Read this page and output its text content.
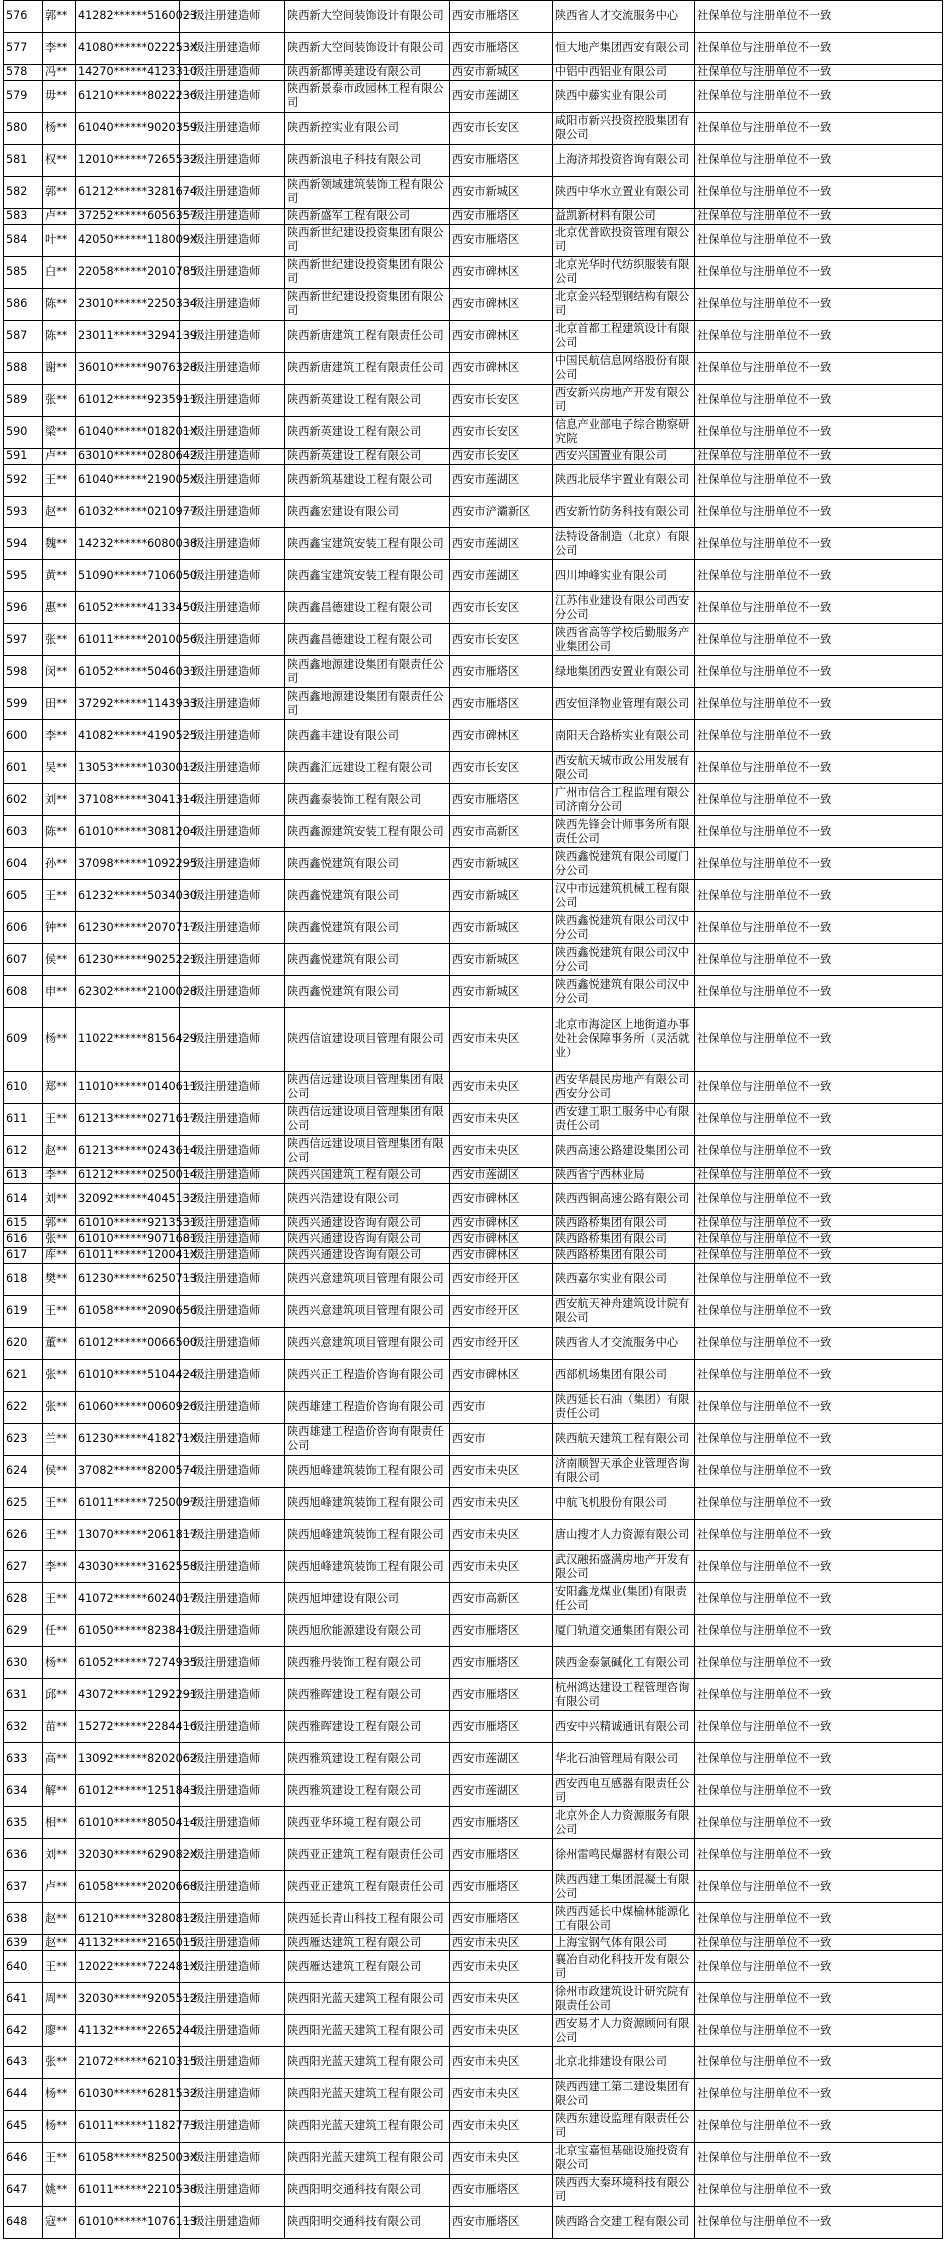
576	郭**	41282******5160023	一级注册建造师	陕西新大空间装饰设计有限公司	西安市雁塔区	陕西省人才交流服务中心	社保单位与注册单位不一致
577	李**	41080******022253X	一级注册建造师	陕西新大空间装饰设计有限公司	西安市雁塔区	恒大地产集团西安有限公司	社保单位与注册单位不一致
578	冯**	14270******4123310	一级注册建造师	陕西新都博美建设有限公司	西安市新城区	中铝中西铝业有限公司	社保单位与注册单位不一致
579	毋**	61210******8022236	一级注册建造师	陕西新景泰市政园林工程有限公司	西安市莲湖区	陕西中藤实业有限公司	社保单位与注册单位不一致
580	杨**	61040******9020359	一级注册建造师	陕西新控实业有限公司	西安市长安区	咸阳市新兴投资控股集团有限公司	社保单位与注册单位不一致
581	权**	12010******7265532	一级注册建造师	陕西新浪电子科技有限公司	西安市雁塔区	上海济邦投资咨询有限公司	社保单位与注册单位不一致
582	郭**	61212******3281674	一级注册建造师	陕西新领域建筑装饰工程有限公司	西安市新城区	陕西中华水立置业有限公司	社保单位与注册单位不一致
583	卢**	37252******6056357	一级注册建造师	陕西新盛军工程有限公司	西安市雁塔区	益凯新材料有限公司	社保单位与注册单位不一致
584	叶**	42050******118009X	一级注册建造师	陕西新世纪建设投资集团有限公司	西安市雁塔区	北京优普欧投资管理有限公司	社保单位与注册单位不一致
585	白**	22058******2010785	一级注册建造师	陕西新世纪建设投资集团有限公司	西安市碑林区	北京光华时代纺织服装有限公司	社保单位与注册单位不一致
586	陈**	23010******2250334	一级注册建造师	陕西新世纪建设投资集团有限公司	西安市碑林区	北京金兴轻型钢结构有限公司	社保单位与注册单位不一致
587	陈**	23011******3294139	一级注册建造师	陕西新唐建筑工程有限责任公司	西安市碑林区	北京首都工程建筑设计有限公司	社保单位与注册单位不一致
588	谢**	36010******9076328	一级注册建造师	陕西新唐建筑工程有限责任公司	西安市碑林区	中国民航信息网络股份有限公司	社保单位与注册单位不一致
589	张**	61012******9235911	一级注册建造师	陕西新英建设工程有限公司	西安市长安区	西安新兴房地产开发有限公司	社保单位与注册单位不一致
590	梁**	61040******018201X	一级注册建造师	陕西新英建设工程有限公司	西安市长安区	信息产业部电子综合勘察研究院	社保单位与注册单位不一致
591	卢**	63010******0280642	一级注册建造师	陕西新英建设工程有限公司	西安市长安区	西安兴国置业有限公司	社保单位与注册单位不一致
592	王**	61040******219005X	一级注册建造师	陕西新筑基建设工程有限公司	西安市莲湖区	陕西北辰华宇置业有限公司	社保单位与注册单位不一致
593	赵**	61032******0210977	一级注册建造师	陕西鑫宏建设有限公司	西安市浐灞新区	西安新竹防务科技有限公司	社保单位与注册单位不一致
594	魏**	14232******6080038	一级注册建造师	陕西鑫宝建筑安装工程有限公司	西安市莲湖区	法特设备制造（北京）有限公司	社保单位与注册单位不一致
595	黄**	51090******7106050	一级注册建造师	陕西鑫宝建筑安装工程有限公司	西安市莲湖区	四川坤峰实业有限公司	社保单位与注册单位不一致
596	惠**	61052******4133450	一级注册建造师	陕西鑫昌德建设工程有限公司	西安市长安区	江苏伟业建设有限公司西安分公司	社保单位与注册单位不一致
597	张**	61011******2010056	一级注册建造师	陕西鑫昌德建设工程有限公司	西安市长安区	陕西省高等学校后勤服务产业集团公司	社保单位与注册单位不一致
598	闵**	61052******5046031	一级注册建造师	陕西鑫地源建设集团有限责任公司	西安市雁塔区	绿地集团西安置业有限公司	社保单位与注册单位不一致
599	田**	37292******1143933	一级注册建造师	陕西鑫地源建设集团有限责任公司	西安市雁塔区	西安恒泽物业管理有限公司	社保单位与注册单位不一致
600	李**	41082******4190525	一级注册建造师	陕西鑫丰建设有限公司	西安市碑林区	南阳天合路桥实业有限公司	社保单位与注册单位不一致
601	吴**	13053******1030012	一级注册建造师	陕西鑫汇远建设工程有限公司	西安市长安区	西安航天城市政公用发展有限公司	社保单位与注册单位不一致
602	刘**	37108******3041314	一级注册建造师	陕西鑫泰装饰工程有限公司	西安市雁塔区	广州市信合工程监理有限公司济南分公司	社保单位与注册单位不一致
603	陈**	61010******3081204	一级注册建造师	陕西鑫源建筑安装工程有限公司	西安市高新区	陕西先锋会计师事务所有限责任公司	社保单位与注册单位不一致
604	孙**	37098******1092295	一级注册建造师	陕西鑫悦建筑有限公司	西安市新城区	陕西鑫悦建筑有限公司厦门分公司	社保单位与注册单位不一致
605	王**	61232******5034030	一级注册建造师	陕西鑫悦建筑有限公司	西安市新城区	汉中市远建筑机械工程有限公司	社保单位与注册单位不一致
606	钟**	61230******2070717	一级注册建造师	陕西鑫悦建筑有限公司	西安市新城区	陕西鑫悦建筑有限公司汉中分公司	社保单位与注册单位不一致
607	侯**	61230******9025221	一级注册建造师	陕西鑫悦建筑有限公司	西安市新城区	陕西鑫悦建筑有限公司汉中分公司	社保单位与注册单位不一致
608	申**	62302******2100028	一级注册建造师	陕西鑫悦建筑有限公司	西安市新城区	陕西鑫悦建筑有限公司汉中分公司	社保单位与注册单位不一致
609	杨**	11022******8156429	一级注册建造师	陕西信谊建设项目管理有限公司	西安市未央区	北京市海淀区上地街道办事处社会保障事务所（灵活就业）	社保单位与注册单位不一致
610	郑**	11010******0140611	一级注册建造师	陕西信远建设项目管理集团有限公司	西安市未央区	西安华晨民房地产有限公司西安分公司	社保单位与注册单位不一致
611	王**	61213******0271617	一级注册建造师	陕西信远建设项目管理集团有限公司	西安市未央区	西安建工职工服务中心有限责任公司	社保单位与注册单位不一致
612	赵**	61213******0243614	一级注册建造师	陕西信远建设项目管理集团有限公司	西安市未央区	陕西高速公路建设集团公司	社保单位与注册单位不一致
613	李**	61212******0250014	一级注册建造师	陕西兴国建筑工程有限公司	西安市莲湖区	陕西省宁西林业局	社保单位与注册单位不一致
614	刘**	32092******4045132	一级注册建造师	陕西兴浩建设有限公司	西安市碑林区	陕西西铜高速公路有限公司	社保单位与注册单位不一致
615	郭**	61010******9213531	一级注册建造师	陕西兴通建设咨询有限公司	西安市碑林区	陕西路桥集团有限公司	社保单位与注册单位不一致
616	张**	61010******9071681	一级注册建造师	陕西兴通建设咨询有限公司	西安市碑林区	陕西路桥集团有限公司	社保单位与注册单位不一致
617	库**	61011******120041X	一级注册建造师	陕西兴通建设咨询有限公司	西安市碑林区	陕西路桥集团有限公司	社保单位与注册单位不一致
618	樊**	61230******6250713	一级注册建造师	陕西兴意建筑项目管理有限公司	西安市经开区	陕西嘉尔实业有限公司	社保单位与注册单位不一致
619	王**	61058******2090656	一级注册建造师	陕西兴意建筑项目管理有限公司	西安市经开区	西安航天神舟建筑设计院有限公司	社保单位与注册单位不一致
620	董**	61012******0066500	一级注册建造师	陕西兴意建筑项目管理有限公司	西安市经开区	陕西省人才交流服务中心	社保单位与注册单位不一致
621	张**	61010******5104424	一级注册建造师	陕西兴正工程造价咨询有限公司	西安市碑林区	西部机场集团有限公司	社保单位与注册单位不一致
622	张**	61060******0060926	一级注册建造师	陕西雄建工程造价咨询有限公司	西安市	陕西延长石油（集团）有限责任公司	社保单位与注册单位不一致
623	兰**	61230******418271X	一级注册建造师	陕西雄建工程造价咨询有限责任公司	西安市	陕西航天建筑工程有限公司	社保单位与注册单位不一致
624	侯**	37082******8200574	一级注册建造师	陕西旭峰建筑装饰工程有限公司	西安市未央区	济南顺智天承企业管理咨询有限公司	社保单位与注册单位不一致
625	王**	61011******7250097	一级注册建造师	陕西旭峰建筑装饰工程有限公司	西安市未央区	中航飞机股份有限公司	社保单位与注册单位不一致
626	王**	13070******2061817	一级注册建造师	陕西旭峰建筑装饰工程有限公司	西安市未央区	唐山搜才人力资源有限公司	社保单位与注册单位不一致
627	李**	43030******3162558	一级注册建造师	陕西旭峰建筑装饰工程有限公司	西安市未央区	武汉融拓盛满房地产开发有限公司	社保单位与注册单位不一致
628	王**	41072******6024017	一级注册建造师	陕西旭坤建设有限公司	西安市高新区	安阳鑫龙煤业(集团)有限责任公司	社保单位与注册单位不一致
629	任**	61050******8238410	一级注册建造师	陕西旭欣能源建设有限公司	西安市雁塔区	厦门轨道交通集团有限公司	社保单位与注册单位不一致
630	杨**	61052******7274935	一级注册建造师	陕西雅丹装饰工程有限公司	西安市雁塔区	陕西金泰氯碱化工有限公司	社保单位与注册单位不一致
631	邱**	43072******1292291	一级注册建造师	陕西雅晖建设工程有限公司	西安市雁塔区	杭州鸿达建设工程管理咨询有限公司	社保单位与注册单位不一致
632	苗**	15272******2284416	一级注册建造师	陕西雅晖建设工程有限公司	西安市雁塔区	西安中兴精诚通讯有限公司	社保单位与注册单位不一致
633	高**	13092******8202062	一级注册建造师	陕西雅筑建设工程有限公司	西安市莲湖区	华北石油管理局有限公司	社保单位与注册单位不一致
634	解**	61012******1251843	一级注册建造师	陕西雅筑建设工程有限公司	西安市莲湖区	西安西电互感器有限责任公司	社保单位与注册单位不一致
635	相**	61010******8050414	一级注册建造师	陕西亚华环境工程有限公司	西安市雁塔区	北京外企人力资源服务有限公司	社保单位与注册单位不一致
636	刘**	32030******629082X	一级注册建造师	陕西亚正建筑工程有限责任公司	西安市雁塔区	徐州雷鸣民爆器材有限公司	社保单位与注册单位不一致
637	卢**	61058******2020668	一级注册建造师	陕西亚正建筑工程有限责任公司	西安市雁塔区	陕西西建工集团混凝土有限公司	社保单位与注册单位不一致
638	赵**	61210******3280812	一级注册建造师	陕西延长青山科技工程有限公司	西安市雁塔区	陕西西延长中煤榆林能源化工有限公司	社保单位与注册单位不一致
639	赵**	41132******2165015	一级注册建造师	陕西雁达建筑工程有限公司	西安市未央区	上海宝钢气体有限公司	社保单位与注册单位不一致
640	王**	12022******722481X	一级注册建造师	陕西雁达建筑工程有限公司	西安市未央区	襄冶自动化科技开发有限公司	社保单位与注册单位不一致
641	周**	32030******9205512	一级注册建造师	陕西阳光蓝天建筑工程有限公司	西安市未央区	徐州市政建筑设计研究院有限责任公司	社保单位与注册单位不一致
642	廖**	41132******2265244	一级注册建造师	陕西阳光蓝天建筑工程有限公司	西安市未央区	西安易才人力资源顾问有限公司	社保单位与注册单位不一致
643	张**	21072******6210315	一级注册建造师	陕西阳光蓝天建筑工程有限公司	西安市未央区	北京北排建设有限公司	社保单位与注册单位不一致
644	杨**	61030******6281532	一级注册建造师	陕西阳光蓝天建筑工程有限公司	西安市未央区	陕西西建工第二建设集团有限公司	社保单位与注册单位不一致
645	杨**	61011******1182773	一级注册建造师	陕西阳光蓝天建筑工程有限公司	西安市未央区	陕西东建设监理有限责任公司	社保单位与注册单位不一致
646	王**	61058******825003X	一级注册建造师	陕西阳光蓝天建筑工程有限公司	西安市未央区	北京宝嘉恒基础设施投资有限公司	社保单位与注册单位不一致
647	姚**	61011******2210538	一级注册建造师	陕西阳明交通科技有限公司	西安市雁塔区	陕西西大秦环境科技有限公司	社保单位与注册单位不一致
648	寇**	61010******1076113	一级注册建造师	陕西阳明交通科技有限公司	西安市雁塔区	陕西路合交建工程有限公司	社保单位与注册单位不一致
